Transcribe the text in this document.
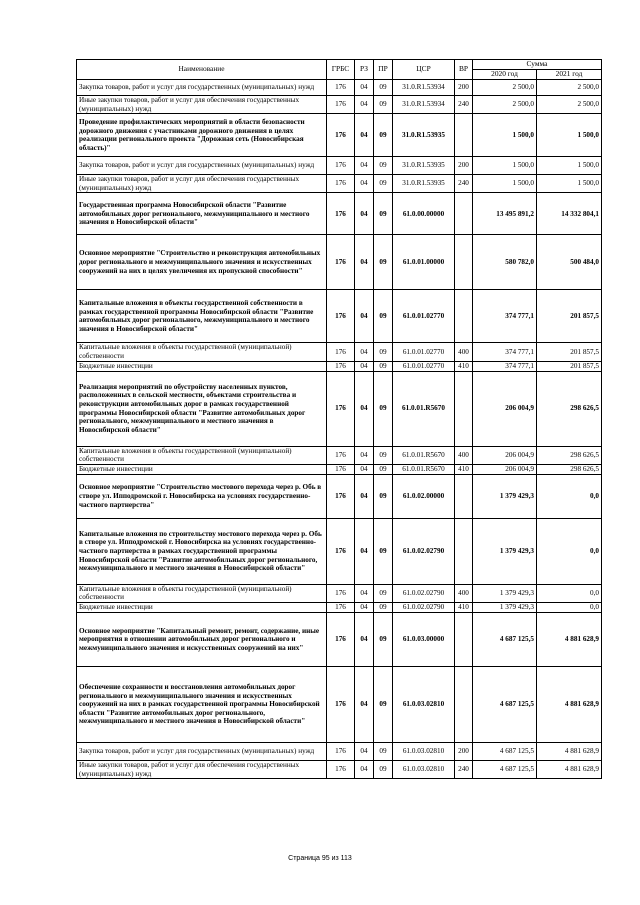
Наименование	ГРБС	РЗ	ПР	ЦСР	ВР	Сумма	
						2020 год	2021 год
Закупка товаров, работ и услуг для государственных (муниципальных) нужд	176	04	09	31.0.R1.53934	200	2 500,0	2 500,0
Иные закупки товаров, работ и услуг для обеспечения государственных (муниципальных) нужд	176	04	09	31.0.R1.53934	240	2 500,0	2 500,0
Проведение профилактических мероприятий в области безопасности дорожного движения с участниками дорожного движения в целях реализации регионального проекта "Дорожная сеть (Новосибирская область)"	176	04	09	31.0.R1.53935		1 500,0	1 500,0
Закупка товаров, работ и услуг для государственных (муниципальных) нужд	176	04	09	31.0.R1.53935	200	1 500,0	1 500,0
Иные закупки товаров, работ и услуг для обеспечения государственных (муниципальных) нужд	176	04	09	31.0.R1.53935	240	1 500,0	1 500,0
Государственная программа Новосибирской области "Развитие автомобильных дорог регионального, межмуниципального и местного значения в Новосибирской области"	176	04	09	61.0.00.00000		13 495 891,2	14 332 804,1
Основное мероприятие "Строительство и реконструкция автомобильных дорог регионального и межмуниципального значения и искусственных сооружений на них в целях увеличения их пропускной способности"	176	04	09	61.0.01.00000		580 782,0	500 484,0
Капитальные вложения в объекты государственной собственности в рамках государственной программы Новосибирской области "Развитие автомобильных дорог регионального, межмуниципального и местного значения в Новосибирской области"	176	04	09	61.0.01.02770		374 777,1	201 857,5
Капитальные вложения в объекты государственной (муниципальной) собственности	176	04	09	61.0.01.02770	400	374 777,1	201 857,5
Бюджетные инвестиции	176	04	09	61.0.01.02770	410	374 777,1	201 857,5
Реализация мероприятий по обустройству населенных пунктов, расположенных в сельской местности, объектами строительства и реконструкции автомобильных дорог в рамках государственной программы Новосибирской области "Развитие автомобильных дорог регионального, межмуниципального и местного значения в Новосибирской области"	176	04	09	61.0.01.R5670		206 004,9	298 626,5
Капитальные вложения в объекты государственной (муниципальной) собственности	176	04	09	61.0.01.R5670	400	206 004,9	298 626,5
Бюджетные инвестиции	176	04	09	61.0.01.R5670	410	206 004,9	298 626,5
Основное мероприятие "Строительство мостового перехода через р. Обь в створе ул. Ипподромской г. Новосибирска на условиях государственно-частного партнерства"	176	04	09	61.0.02.00000		1 379 429,3	0,0
Капитальные вложения по строительству мостового перехода через р. Обь в створе ул. Ипподромской г. Новосибирска на условиях государственно-частного партнерства в рамках государственной программы Новосибирской области "Развитие автомобильных дорог регионального, межмуниципального и местного значения в Новосибирской области"	176	04	09	61.0.02.02790		1 379 429,3	0,0
Капитальные вложения в объекты государственной (муниципальной) собственности	176	04	09	61.0.02.02790	400	1 379 429,3	0,0
Бюджетные инвестиции	176	04	09	61.0.02.02790	410	1 379 429,3	0,0
Основное мероприятие "Капитальный ремонт, ремонт, содержание, иные мероприятия в отношении автомобильных дорог регионального и межмуниципального значения и искусственных сооружений на них"	176	04	09	61.0.03.00000		4 687 125,5	4 881 628,9
Обеспечение сохранности и восстановления автомобильных дорог регионального и межмуниципального значения и искусственных сооружений на них в рамках государственной программы Новосибирской области "Развитие автомобильных дорог регионального, межмуниципального и местного значения в Новосибирской области"	176	04	09	61.0.03.02810		4 687 125,5	4 881 628,9
Закупка товаров, работ и услуг для государственных (муниципальных) нужд	176	04	09	61.0.03.02810	200	4 687 125,5	4 881 628,9
Иные закупки товаров, работ и услуг для обеспечения государственных (муниципальных) нужд	176	04	09	61.0.03.02810	240	4 687 125,5	4 881 628,9
Страница 95 из 113
